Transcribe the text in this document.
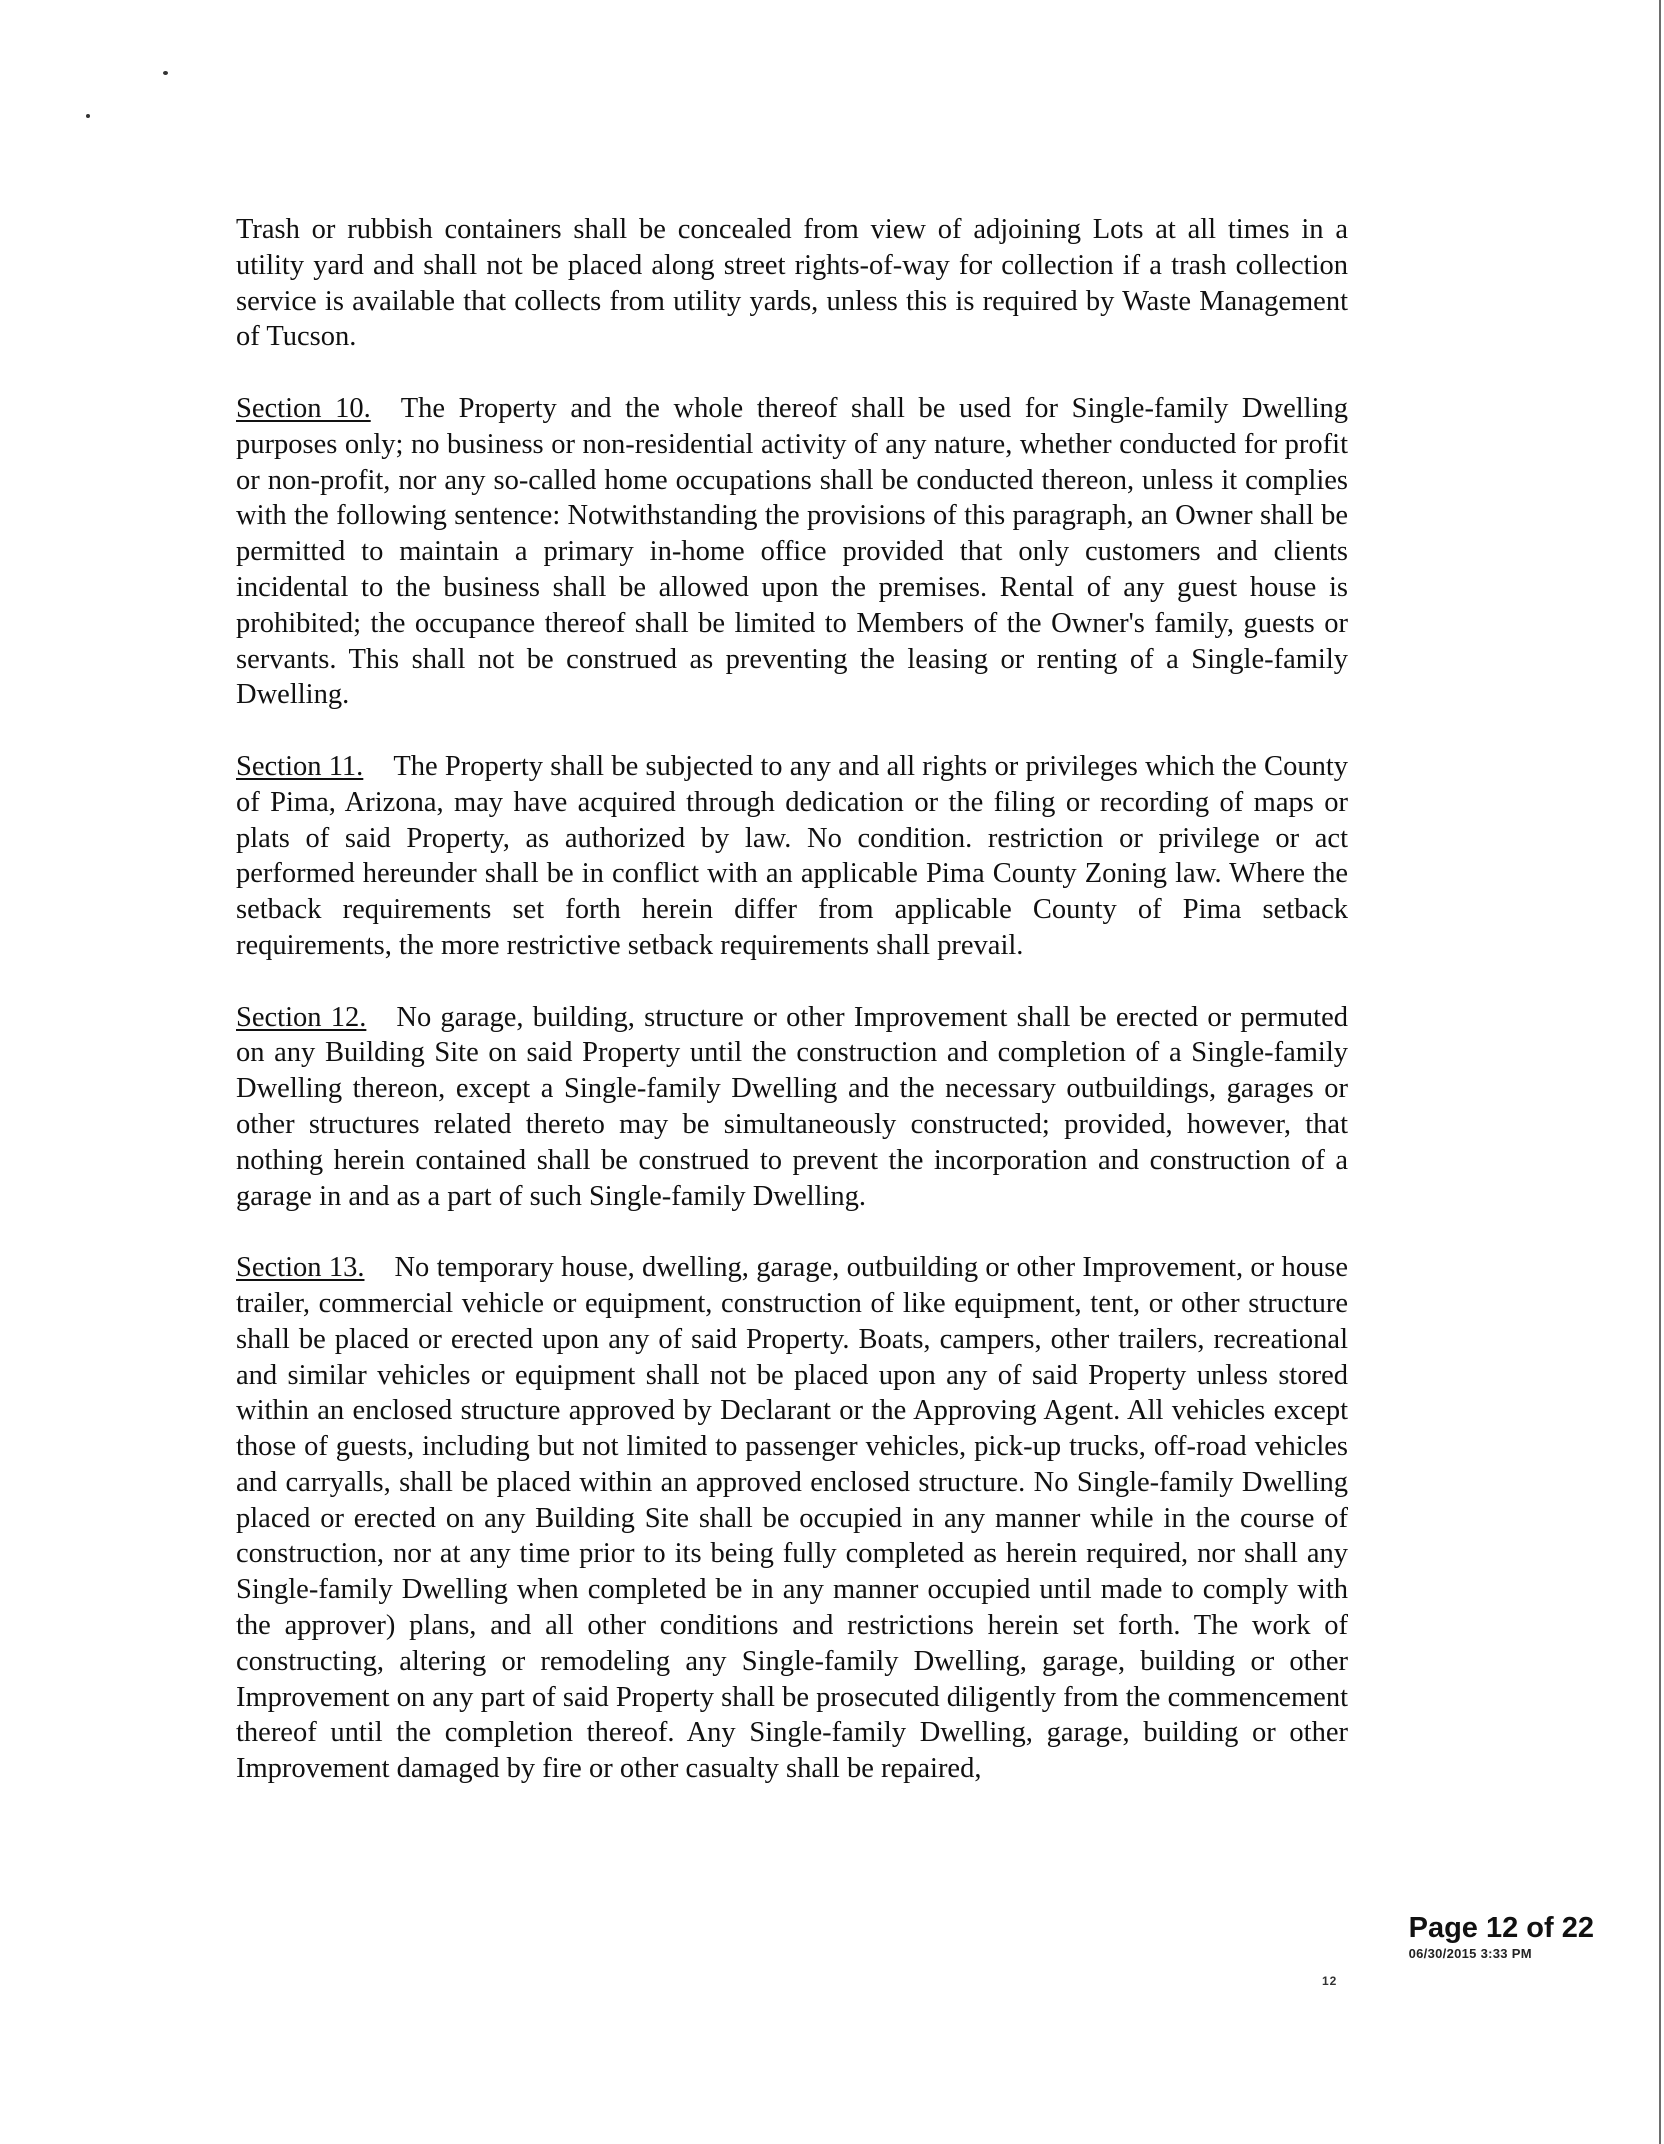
Trash or rubbish containers shall be concealed from view of adjoining Lots at all times in a utility yard and shall not be placed along street rights-of-way for collection if a trash collection service is available that collects from utility yards, unless this is required by Waste Management of Tucson.

Section 10. The Property and the whole thereof shall be used for Single-family Dwelling purposes only; no business or non-residential activity of any nature, whether conducted for profit or non-profit, nor any so-called home occupations shall be conducted thereon, unless it complies with the following sentence: Notwithstanding the provisions of this paragraph, an Owner shall be permitted to maintain a primary in-home office provided that only customers and clients incidental to the business shall be allowed upon the premises. Rental of any guest house is prohibited; the occupance thereof shall be limited to Members of the Owner's family, guests or servants. This shall not be construed as preventing the leasing or renting of a Single-family Dwelling.

Section 11. The Property shall be subjected to any and all rights or privileges which the County of Pima, Arizona, may have acquired through dedication or the filing or recording of maps or plats of said Property, as authorized by law. No condition. restriction or privilege or act performed hereunder shall be in conflict with an applicable Pima County Zoning law. Where the setback requirements set forth herein differ from applicable County of Pima setback requirements, the more restrictive setback requirements shall prevail.

Section 12. No garage, building, structure or other Improvement shall be erected or permuted on any Building Site on said Property until the construction and completion of a Single-family Dwelling thereon, except a Single-family Dwelling and the necessary outbuildings, garages or other structures related thereto may be simultaneously constructed; provided, however, that nothing herein contained shall be construed to prevent the incorporation and construction of a garage in and as a part of such Single-family Dwelling.

Section 13. No temporary house, dwelling, garage, outbuilding or other Improvement, or house trailer, commercial vehicle or equipment, construction of like equipment, tent, or other structure shall be placed or erected upon any of said Property. Boats, campers, other trailers, recreational and similar vehicles or equipment shall not be placed upon any of said Property unless stored within an enclosed structure approved by Declarant or the Approving Agent. All vehicles except those of guests, including but not limited to passenger vehicles, pick-up trucks, off-road vehicles and carryalls, shall be placed within an approved enclosed structure. No Single-family Dwelling placed or erected on any Building Site shall be occupied in any manner while in the course of construction, nor at any time prior to its being fully completed as herein required, nor shall any Single-family Dwelling when completed be in any manner occupied until made to comply with the approver) plans, and all other conditions and restrictions herein set forth. The work of constructing, altering or remodeling any Single-family Dwelling, garage, building or other Improvement on any part of said Property shall be prosecuted diligently from the commencement thereof until the completion thereof. Any Single-family Dwelling, garage, building or other Improvement damaged by fire or other casualty shall be repaired,

Page 12 of 22
06/30/2015 3:33 PM
12
